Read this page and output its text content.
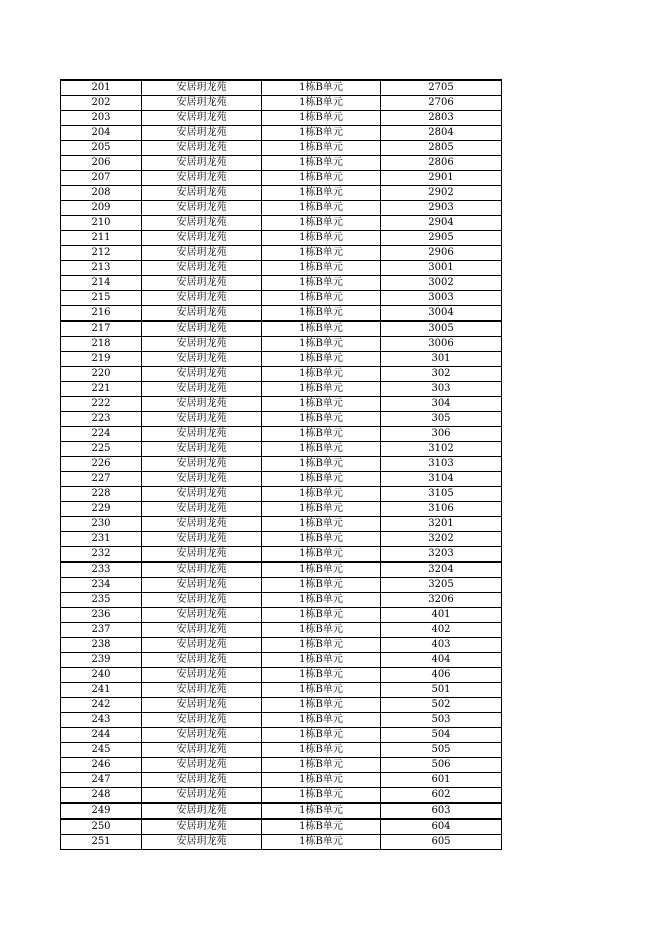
201	安居玥龙苑	1栋B单元	2705
202	安居玥龙苑	1栋B单元	2706
203	安居玥龙苑	1栋B单元	2803
204	安居玥龙苑	1栋B单元	2804
205	安居玥龙苑	1栋B单元	2805
206	安居玥龙苑	1栋B单元	2806
207	安居玥龙苑	1栋B单元	2901
208	安居玥龙苑	1栋B单元	2902
209	安居玥龙苑	1栋B单元	2903
210	安居玥龙苑	1栋B单元	2904
211	安居玥龙苑	1栋B单元	2905
212	安居玥龙苑	1栋B单元	2906
213	安居玥龙苑	1栋B单元	3001
214	安居玥龙苑	1栋B单元	3002
215	安居玥龙苑	1栋B单元	3003
216	安居玥龙苑	1栋B单元	3004
217	安居玥龙苑	1栋B单元	3005
218	安居玥龙苑	1栋B单元	3006
219	安居玥龙苑	1栋B单元	301
220	安居玥龙苑	1栋B单元	302
221	安居玥龙苑	1栋B单元	303
222	安居玥龙苑	1栋B单元	304
223	安居玥龙苑	1栋B单元	305
224	安居玥龙苑	1栋B单元	306
225	安居玥龙苑	1栋B单元	3102
226	安居玥龙苑	1栋B单元	3103
227	安居玥龙苑	1栋B单元	3104
228	安居玥龙苑	1栋B单元	3105
229	安居玥龙苑	1栋B单元	3106
230	安居玥龙苑	1栋B单元	3201
231	安居玥龙苑	1栋B单元	3202
232	安居玥龙苑	1栋B单元	3203
233	安居玥龙苑	1栋B单元	3204
234	安居玥龙苑	1栋B单元	3205
235	安居玥龙苑	1栋B单元	3206
236	安居玥龙苑	1栋B单元	401
237	安居玥龙苑	1栋B单元	402
238	安居玥龙苑	1栋B单元	403
239	安居玥龙苑	1栋B单元	404
240	安居玥龙苑	1栋B单元	406
241	安居玥龙苑	1栋B单元	501
242	安居玥龙苑	1栋B单元	502
243	安居玥龙苑	1栋B单元	503
244	安居玥龙苑	1栋B单元	504
245	安居玥龙苑	1栋B单元	505
246	安居玥龙苑	1栋B单元	506
247	安居玥龙苑	1栋B单元	601
248	安居玥龙苑	1栋B单元	602
249	安居玥龙苑	1栋B单元	603
250	安居玥龙苑	1栋B单元	604
251	安居玥龙苑	1栋B单元	605
